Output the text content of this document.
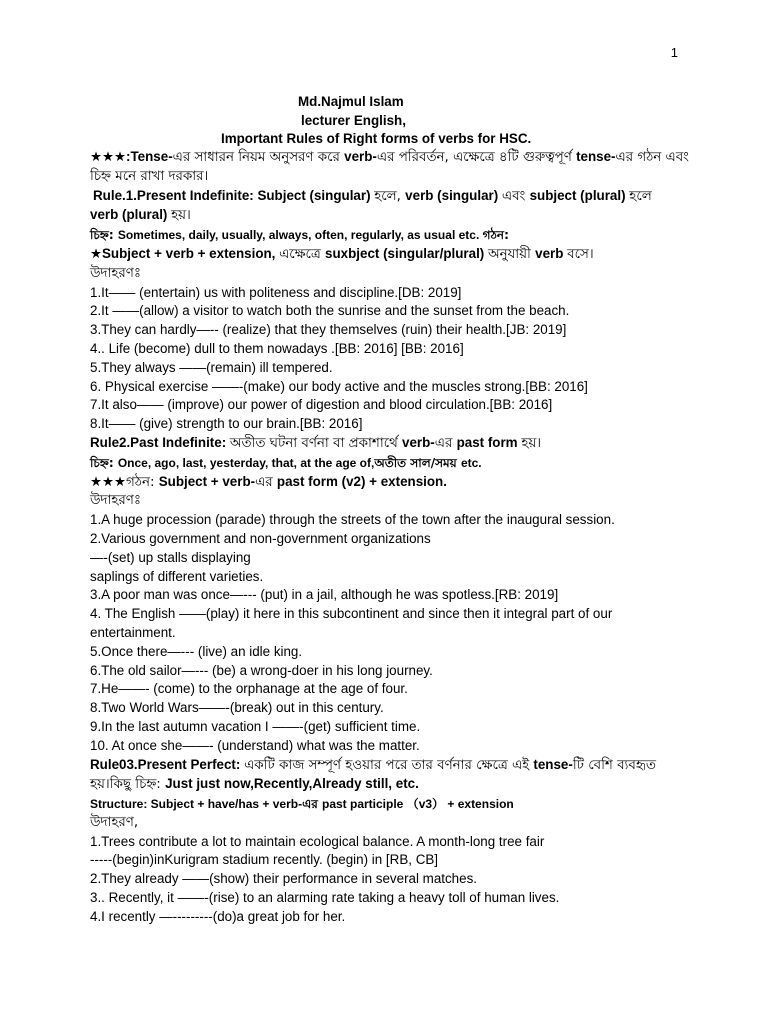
1
Md.Najmul Islam
lecturer English,
Important Rules of Right forms of verbs for HSC.
★★★:Tense-এর সাধারন নিয়ম অনুসরণ করে verb-এর পরিবর্তন, এক্ষেত্রে ৪টি গুরুত্বপূর্ণ tense-এর গঠন এবং
চিহ্ন মনে রাখা দরকার।
Rule.1.Present Indefinite: Subject (singular) হলে, verb (singular) এবং subject (plural) হলে
verb (plural) হয়।
চিহ্ন: Sometimes, daily, usually, always, often, regularly, as usual etc. গঠন:
★Subject + verb + extension, এক্ষেত্রে suxbject (singular/plural) অনুযায়ী verb বসে।
উদাহরণঃ
1.It—— (entertain) us with politeness and discipline.[DB: 2019]
2.It ——(allow) a visitor to watch both the sunrise and the sunset from the beach.
3.They can hardly—-- (realize) that they themselves (ruin) their health.[JB: 2019]
4.. Life (become) dull to them nowadays .[BB: 2016] [BB: 2016]
5.They always ——(remain) ill tempered.
6. Physical exercise ——-(make) our body active and the muscles strong.[BB: 2016]
7.It also—— (improve) our power of digestion and blood circulation.[BB: 2016]
8.It—— (give) strength to our brain.[BB: 2016]
Rule2.Past Indefinite: অতীত ঘটনা বর্ণনা বা প্রকাশার্থে verb-এর past form হয়।
চিহ্ন: Once, ago, last, yesterday, that, at the age of,অতীত সাল/সময় etc.
★★★গঠন: Subject + verb-এর past form (v2) + extension.
উদাহরণঃ
1.A huge procession (parade) through the streets of the town after the inaugural session.
2.Various government and non-government organizations
—-(set) up stalls displaying
saplings of different varieties.
3.A poor man was once—--- (put) in a jail, although he was spotless.[RB: 2019]
4. The English ——(play) it here in this subcontinent and since then it integral part of our
entertainment.
5.Once there—--- (live) an idle king.
6.The old sailor—--- (be) a wrong-doer in his long journey.
7.He——- (come) to the orphanage at the age of four.
8.Two World Wars——-(break) out in this century.
9.In the last autumn vacation I ——-(get) sufficient time.
10. At once she——- (understand) what was the matter.
Rule03.Present Perfect: একটি কাজ সম্পূর্ণ হওয়ার পরে তার বর্ণনার ক্ষেত্রে এই tense-টি বেশি ব্যবহৃত
হয়।কিছু চিহ্ন: Just just now,Recently,Already still, etc.
Structure: Subject + have/has + verb-এর past participle （v3） + extension
উদাহরণ,
1.Trees contribute a lot to maintain ecological balance. A month-long tree fair
-----(begin)inKurigram stadium recently. (begin) in [RB, CB]
2.They already ——(show) their performance in several matches.
3.. Recently, it ——-(rise) to an alarming rate taking a heavy toll of human lives.
4.I recently —---------(do)a great job for her.
